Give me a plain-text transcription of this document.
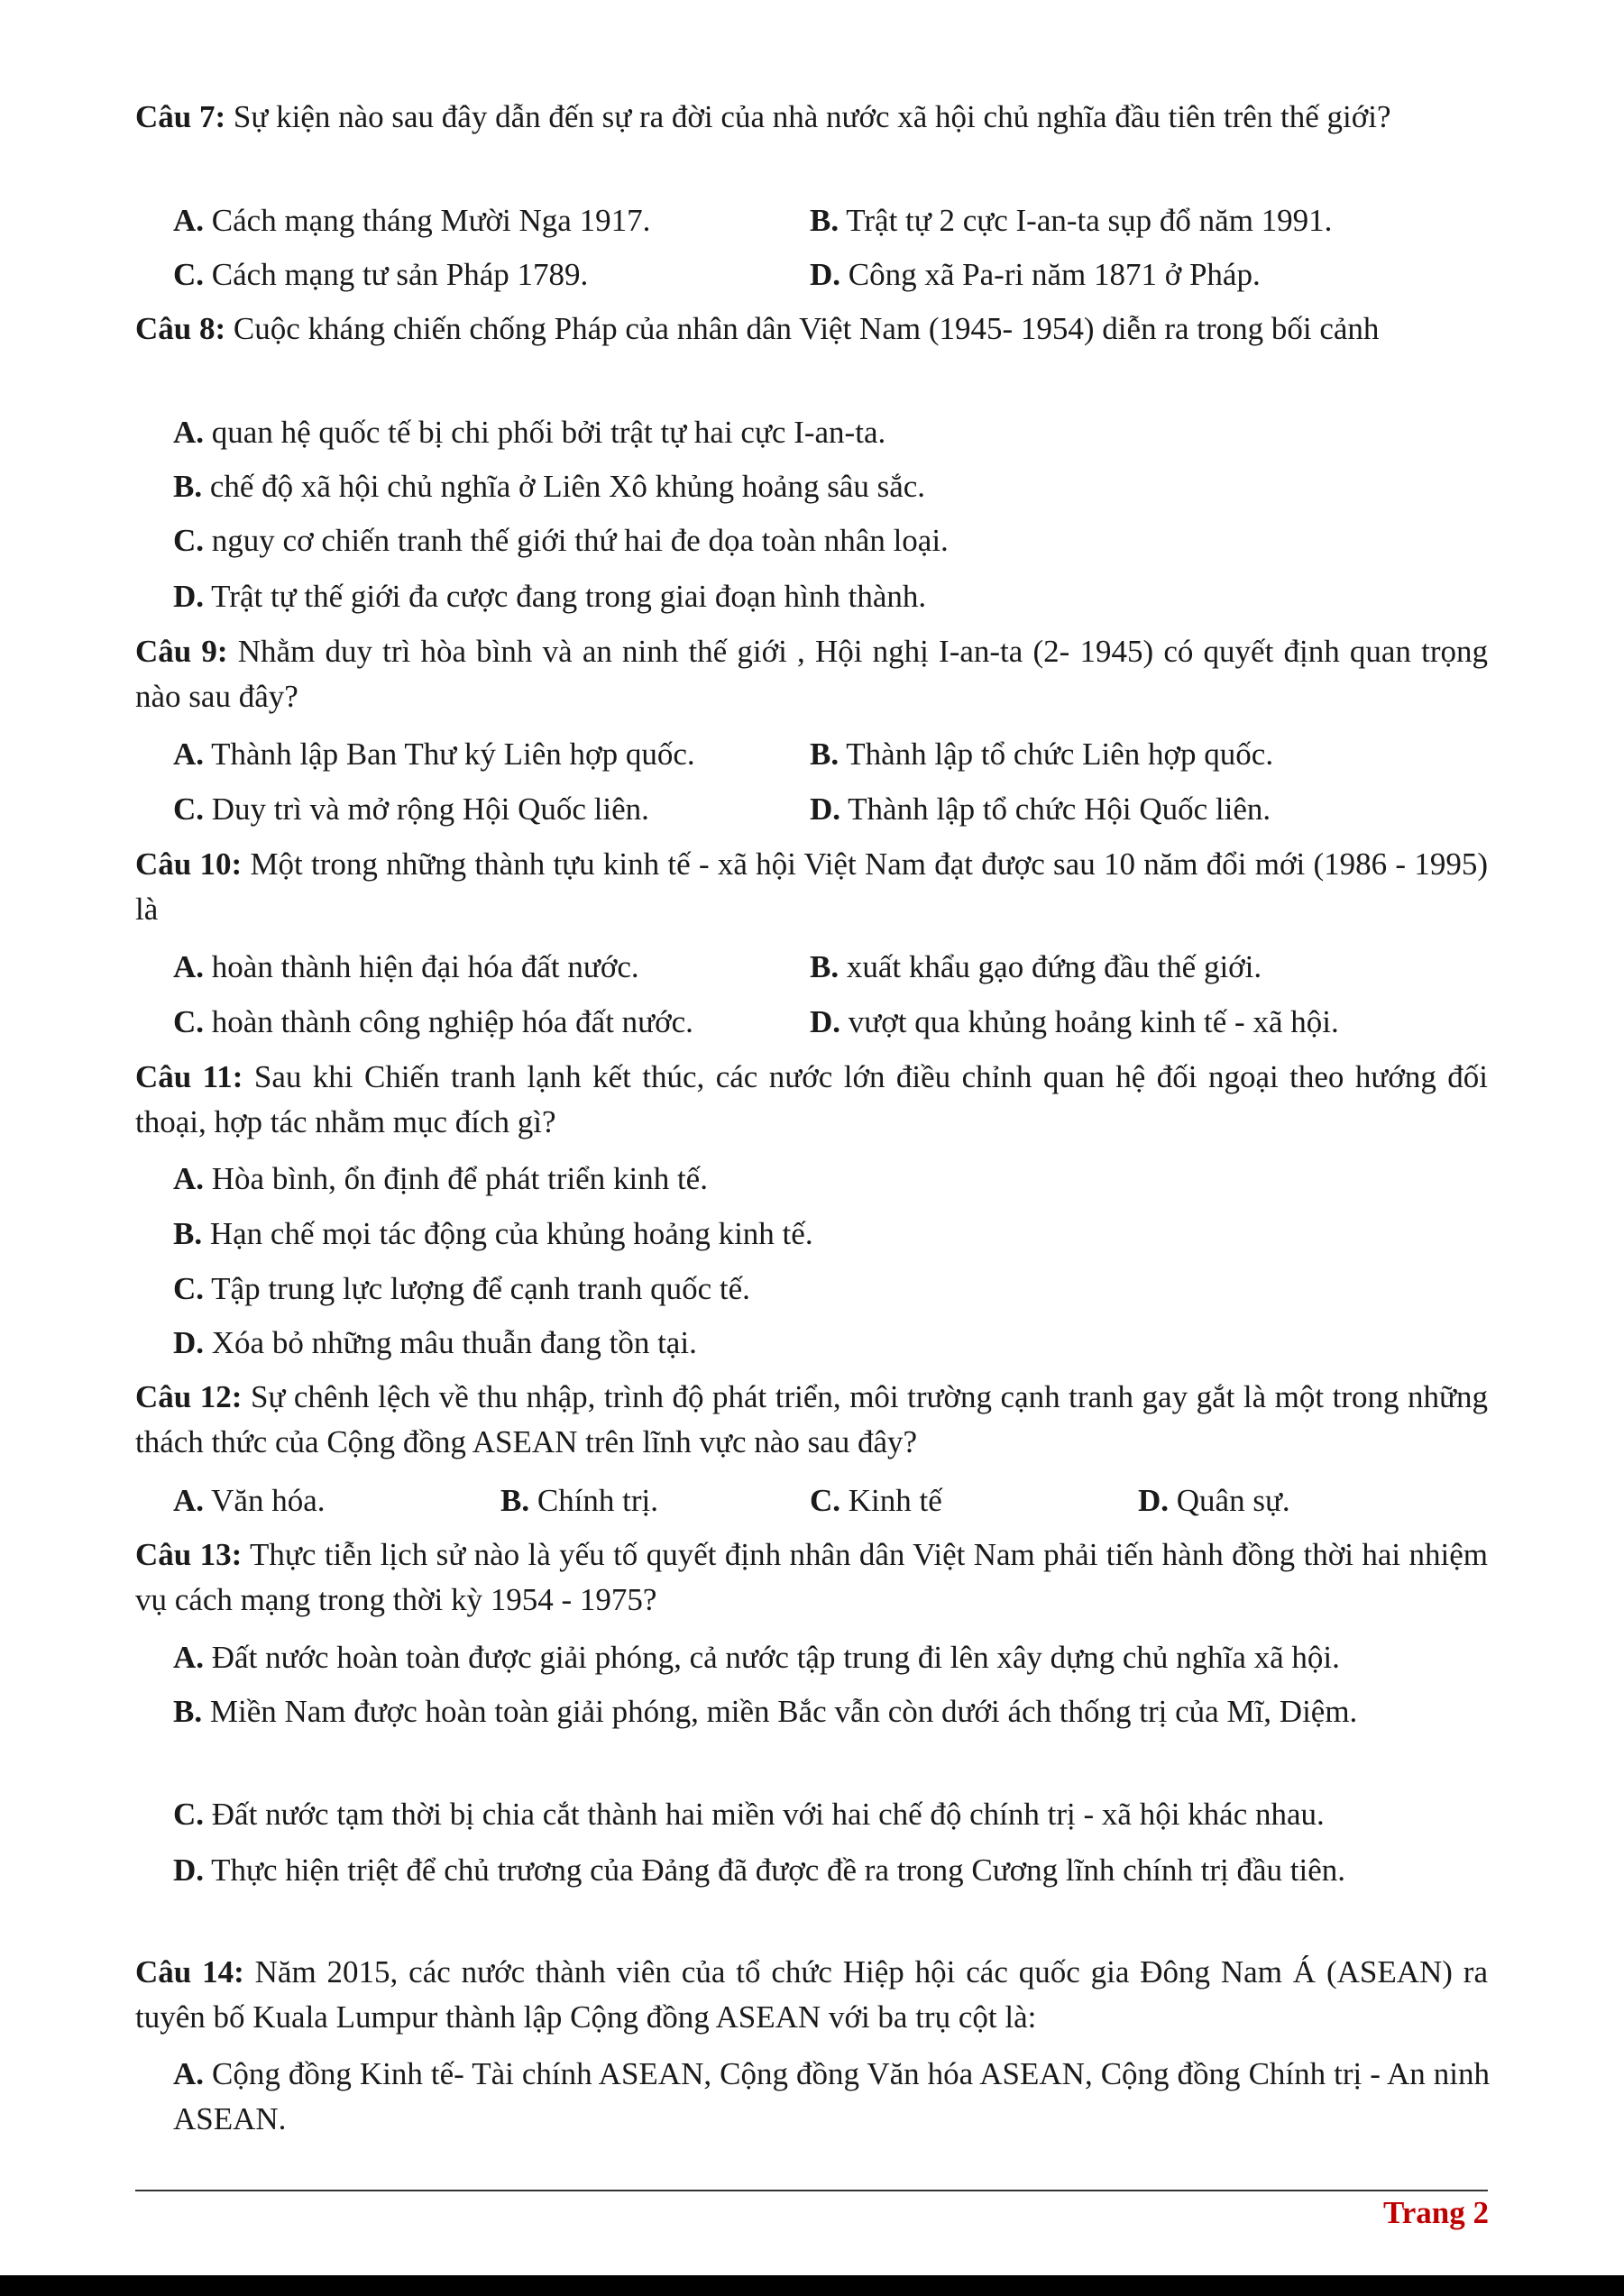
Câu 7: Sự kiện nào sau đây dẫn đến sự ra đời của nhà nước xã hội chủ nghĩa đầu tiên trên thế giới?
A. Cách mạng tháng Mười Nga 1917.	B. Trật tự 2 cực I-an-ta sụp đổ năm 1991.
C. Cách mạng tư sản Pháp 1789.	D. Công xã Pa-ri năm 1871 ở Pháp.
Câu 8: Cuộc kháng chiến chống Pháp của nhân dân Việt Nam (1945- 1954) diễn ra trong bối cảnh
A. quan hệ quốc tế bị chi phối bởi trật tự hai cực I-an-ta.
B. chế độ xã hội chủ nghĩa ở Liên Xô khủng hoảng sâu sắc.
C. nguy cơ chiến tranh thế giới thứ hai đe dọa toàn nhân loại.
D. Trật tự thế giới đa cược đang trong giai đoạn hình thành.
Câu 9: Nhằm duy trì hòa bình và an ninh thế giới , Hội nghị I-an-ta (2- 1945) có quyết định quan trọng nào sau đây?
A. Thành lập Ban Thư ký Liên hợp quốc.	B. Thành lập tổ chức Liên hợp quốc.
C. Duy trì và mở rộng Hội Quốc liên.	D. Thành lập tổ chức Hội Quốc liên.
Câu 10: Một trong những thành tựu kinh tế - xã hội Việt Nam đạt được sau 10 năm đổi mới (1986 - 1995) là
A. hoàn thành hiện đại hóa đất nước.	B. xuất khẩu gạo đứng đầu thế giới.
C. hoàn thành công nghiệp hóa đất nước.	D. vượt qua khủng hoảng kinh tế - xã hội.
Câu 11: Sau khi Chiến tranh lạnh kết thúc, các nước lớn điều chỉnh quan hệ đối ngoại theo hướng đối thoại, hợp tác nhằm mục đích gì?
A. Hòa bình, ổn định để phát triển kinh tế.
B. Hạn chế mọi tác động của khủng hoảng kinh tế.
C. Tập trung lực lượng để cạnh tranh quốc tế.
D. Xóa bỏ những mâu thuẫn đang tồn tại.
Câu 12: Sự chênh lệch về thu nhập, trình độ phát triển, môi trường cạnh tranh gay gắt là một trong những thách thức của Cộng đồng ASEAN trên lĩnh vực nào sau đây?
A. Văn hóa.	B. Chính trị.	C. Kinh tế	D. Quân sự.
Câu 13: Thực tiễn lịch sử nào là yếu tố quyết định nhân dân Việt Nam phải tiến hành đồng thời hai nhiệm vụ cách mạng trong thời kỳ 1954 - 1975?
A. Đất nước hoàn toàn được giải phóng, cả nước tập trung đi lên xây dựng chủ nghĩa xã hội.
B. Miền Nam được hoàn toàn giải phóng, miền Bắc vẫn còn dưới ách thống trị của Mĩ, Diệm.
C. Đất nước tạm thời bị chia cắt thành hai miền với hai chế độ chính trị - xã hội khác nhau.
D. Thực hiện triệt để chủ trương của Đảng đã được đề ra trong Cương lĩnh chính trị đầu tiên.
Câu 14: Năm 2015, các nước thành viên của tổ chức Hiệp hội các quốc gia Đông Nam Á (ASEAN) ra tuyên bố Kuala Lumpur thành lập Cộng đồng ASEAN với ba trụ cột là:
A. Cộng đồng Kinh tế- Tài chính ASEAN, Cộng đồng Văn hóa ASEAN, Cộng đồng Chính trị - An ninh ASEAN.
Trang 2
